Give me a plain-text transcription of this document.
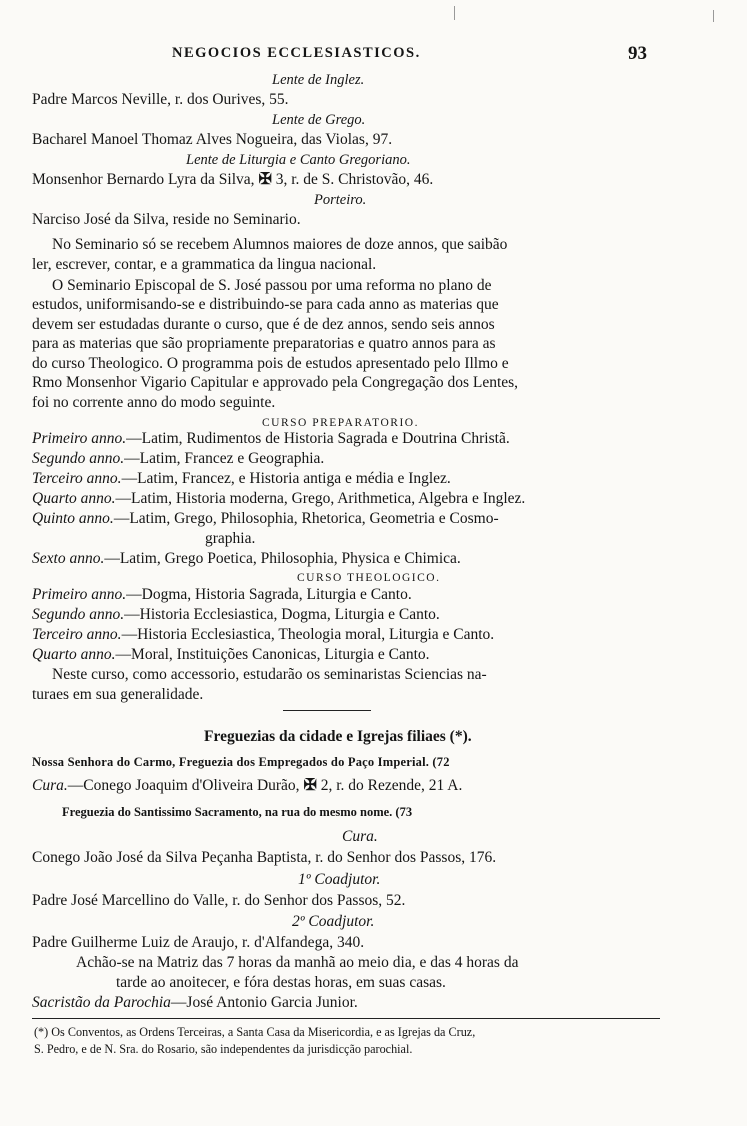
NEGOCIOS ECCLESIASTICOS.	93
Lente de Inglez.
Padre Marcos Neville, r. dos Ourives, 55.
Lente de Grego.
Bacharel Manoel Thomaz Alves Nogueira, das Violas, 97.
Lente de Liturgia e Canto Gregoriano.
Monsenhor Bernardo Lyra da Silva, ✠ 3, r. de S. Christovão, 46.
Porteiro.
Narciso José da Silva, reside no Seminario.
No Seminario só se recebem Alumnos maiores de doze annos, que saibão
ler, escrever, contar, e a grammatica da lingua nacional.
O Seminario Episcopal de S. José passou por uma reforma no plano de
estudos, uniformisando-se e distribuindo-se para cada anno as materias que
devem ser estudadas durante o curso, que é de dez annos, sendo seis annos
para as materias que são propriamente preparatorias e quatro annos para as
do curso Theologico. O programma pois de estudos apresentado pelo Illmo e
Rmo Monsenhor Vigario Capitular e approvado pela Congregação dos Lentes,
foi no corrente anno do modo seguinte.
CURSO PREPARATORIO.
Primeiro anno.—Latim, Rudimentos de Historia Sagrada e Doutrina Christã.
Segundo anno.—Latim, Francez e Geographia.
Terceiro anno.—Latim, Francez, e Historia antiga e média e Inglez.
Quarto anno.—Latim, Historia moderna, Grego, Arithmetica, Algebra e Inglez.
Quinto anno.—Latim, Grego, Philosophia, Rhetorica, Geometria e Cosmo-
graphia.
Sexto anno.—Latim, Grego Poetica, Philosophia, Physica e Chimica.
CURSO THEOLOGICO.
Primeiro anno.—Dogma, Historia Sagrada, Liturgia e Canto.
Segundo anno.—Historia Ecclesiastica, Dogma, Liturgia e Canto.
Terceiro anno.—Historia Ecclesiastica, Theologia moral, Liturgia e Canto.
Quarto anno.—Moral, Instituições Canonicas, Liturgia e Canto.
Neste curso, como accessorio, estudarão os seminaristas Sciencias na-
turaes em sua generalidade.
Freguezias da cidade e Igrejas filiaes (*).
Nossa Senhora do Carmo, Freguezia dos Empregados do Paço Imperial. (72
Cura.—Conego Joaquim d'Oliveira Durão, ✠ 2, r. do Rezende, 21 A.
Freguezia do Santissimo Sacramento, na rua do mesmo nome. (73
Cura.
Conego João José da Silva Peçanha Baptista, r. do Senhor dos Passos, 176.
1º Coadjutor.
Padre José Marcellino do Valle, r. do Senhor dos Passos, 52.
2º Coadjutor.
Padre Guilherme Luiz de Araujo, r. d'Alfandega, 340.
Achão-se na Matriz das 7 horas da manhã ao meio dia, e das 4 horas da
tarde ao anoitecer, e fóra destas horas, em suas casas.
Sacristão da Parochia—José Antonio Garcia Junior.
(*) Os Conventos, as Ordens Terceiras, a Santa Casa da Misericordia, e as Igrejas da Cruz,
S. Pedro, e de N. Sra. do Rosario, são independentes da jurisdicção parochial.
